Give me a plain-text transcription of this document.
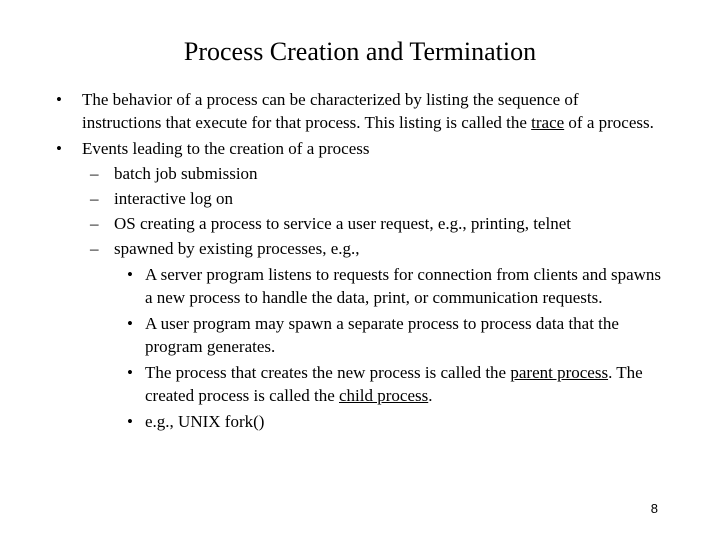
Process Creation and Termination
• The behavior of a process can be characterized by listing the sequence of instructions that execute for that process. This listing is called the trace of a process.
• Events leading to the creation of a process
– batch job submission
– interactive log on
– OS creating a process to service a user request, e.g., printing, telnet
– spawned by existing processes, e.g.,
• A server program listens to requests for connection from clients and spawns a new process to handle the data, print, or communication requests.
• A user program may spawn a separate process to process data that the program generates.
• The process that creates the new process is called the parent process. The created process is called the child process.
• e.g., UNIX fork()
8
